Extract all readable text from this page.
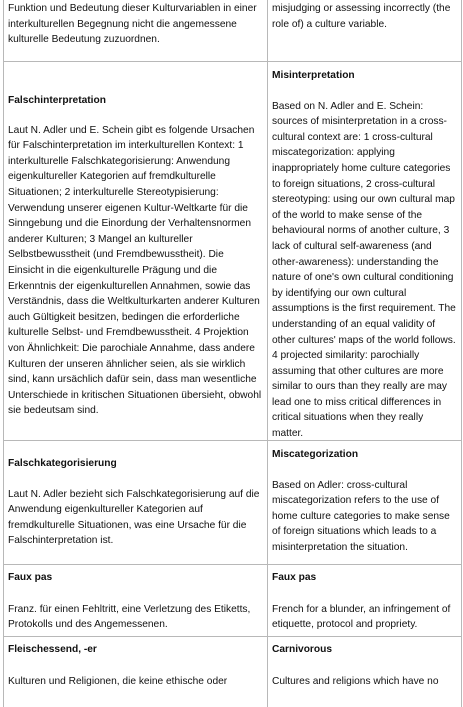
Funktion und Bedeutung dieser Kulturvariablen in einer interkulturellen Begegnung nicht die angemessene kulturelle Bedeutung zuzuordnen.

misjudging or assessing incorrectly (the role of) a culture variable.

Falschinterpretation

Laut N. Adler und E. Schein gibt es folgende Ursachen für Falschinterpretation im interkulturellen Kontext: 1 interkulturelle Falschkategorisierung: Anwendung eigenkultureller Kategorien auf fremdkulturelle Situationen; 2 interkulturelle Stereotypisierung: Verwendung unserer eigenen Kultur-Weltkarte für die Sinngebung und die Einordung der Verhaltensnormen anderer Kulturen; 3 Mangel an kultureller Selbstbewusstheit (und Fremdbewusstheit). Die Einsicht in die eigenkulturelle Prägung und die Erkenntnis der eigenkulturellen Annahmen, sowie das Verständnis, dass die Weltkulturkarten anderer Kulturen auch Gültigkeit besitzen, bedingen die erforderliche kulturelle Selbst- und Fremdbewusstheit. 4 Projektion von Ähnlichkeit: Die parochiale Annahme, dass andere Kulturen der unseren ähnlicher seien, als sie wirklich sind, kann ursächlich dafür sein, dass man wesentliche Unterschiede in kritischen Situationen übersieht, obwohl sie bedeutsam sind.

Misinterpretation

Based on N. Adler and E. Schein: sources of misinterpretation in a cross-cultural context are: 1 cross-cultural miscategorization: applying inappropriately home culture categories to foreign situations, 2 cross-cultural stereotyping: using our own cultural map of the world to make sense of the behavioural norms of another culture, 3 lack of cultural self-awareness (and other-awareness): understanding the nature of one's own cultural conditioning by identifying our own cultural assumptions is the first requirement. The understanding of an equal validity of other cultures' maps of the world follows. 4 projected similarity: parochially assuming that other cultures are more similar to ours than they really are may lead one to miss critical differences in critical situations when they really matter.

Falschkategorisierung

Laut N. Adler bezieht sich Falschkategorisierung auf die Anwendung eigenkultureller Kategorien auf fremdkulturelle Situationen, was eine Ursache für die Falschinterpretation ist.

Miscategorization

Based on Adler: cross-cultural miscategorization refers to the use of home culture categories to make sense of foreign situations which leads to a misinterpretation the situation.

Faux pas

Franz. für einen Fehltritt, eine Verletzung des Etiketts, Protokolls und des Angemessenen.

Faux pas

French for a blunder, an infringement of etiquette, protocol and propriety.

Fleischessend, -er

Kulturen und Religionen, die keine ethische oder

Carnivorous

Cultures and religions which have no
